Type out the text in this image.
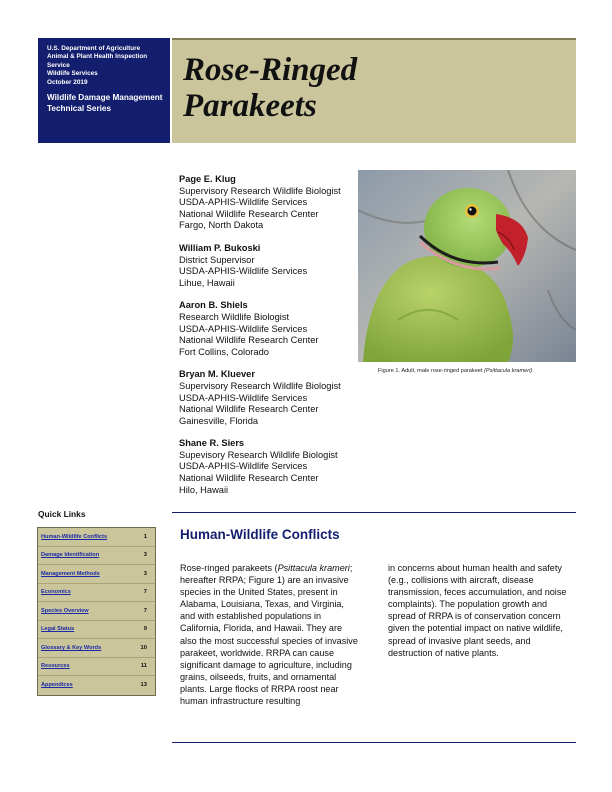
U.S. Department of Agriculture
Animal & Plant Health Inspection Service
Wildlife Services
October 2019
Wildlife Damage Management
Technical Series
Rose-Ringed
Parakeets
Page E. Klug
Supervisory Research Wildlife Biologist
USDA-APHIS-Wildlife Services
National Wildlife Research Center
Fargo, North Dakota
William P. Bukoski
District Supervisor
USDA-APHIS-Wildlife Services
Lihue, Hawaii
Aaron B. Shiels
Research Wildlife Biologist
USDA-APHIS-Wildlife Services
National Wildlife Research Center
Fort Collins, Colorado
Bryan M. Kluever
Supervisory Research Wildlife Biologist
USDA-APHIS-Wildlife Services
National Wildlife Research Center
Gainesville, Florida
Shane R. Siers
Supevisory Research Wildlife Biologist
USDA-APHIS-Wildlife Services
National Wildlife Research Center
Hilo, Hawaii
Figure 1. Adult, male rose-ringed parakeet (Psittacula krameri).
Quick Links
Human-Wildlife Conflicts	1
Damage Identification	3
Management Methods	3
Economics	7
Species Overview	7
Legal Status	9
Glossary & Key Words	10
Resources	11
Appendices	13
Human-Wildlife Conflicts
Rose-ringed parakeets (Psittacula krameri; hereafter RRPA; Figure 1) are an invasive species in the United States, present in Alabama, Louisiana, Texas, and Virginia, and with established populations in California, Florida, and Hawaii. They are also the most successful species of invasive parakeet, worldwide. RRPA can cause significant damage to agriculture, including grains, oilseeds, fruits, and ornamental plants. Large flocks of RRPA roost near human infrastructure resulting
in concerns about human health and safety (e.g., collisions with aircraft, disease transmission, feces accumulation, and noise complaints). The population growth and spread of RRPA is of conservation concern given the potential impact on native wildlife, spread of invasive plant seeds, and destruction of native plants.
